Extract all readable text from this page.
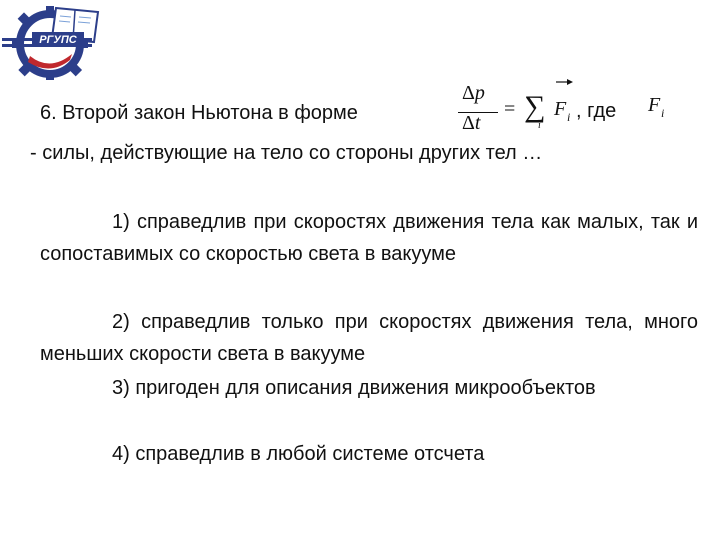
РГУПС
6. Второй закон Ньютона в форме
Δp
Δt
= ∑
i
F i , где F i
- силы, действующие на тело со стороны других тел …

1) справедлив при скоростях движения тела как малых, так и сопоставимых со скоростью света в вакууме

2) справедлив только при скоростях движения тела, много меньших скорости света в вакууме

3) пригоден для описания движения микрообъектов

4) справедлив в любой системе отсчета
